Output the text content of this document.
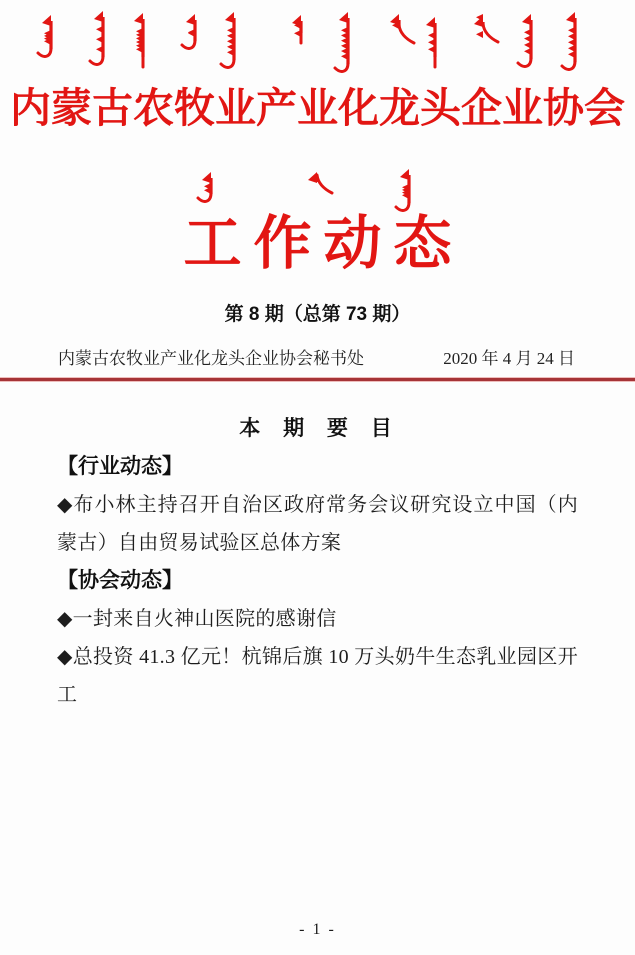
内蒙古农牧业产业化龙头企业协会
工作动态
第 8 期（总第 73 期）
内蒙古农牧业产业化龙头企业协会秘书处	2020 年 4 月 24 日
本 期 要 目
【行业动态】
◆布小林主持召开自治区政府常务会议研究设立中国（内蒙古）自由贸易试验区总体方案
【协会动态】
◆一封来自火神山医院的感谢信
◆总投资 41.3 亿元！杭锦后旗 10 万头奶牛生态乳业园区开工
- 1 -
